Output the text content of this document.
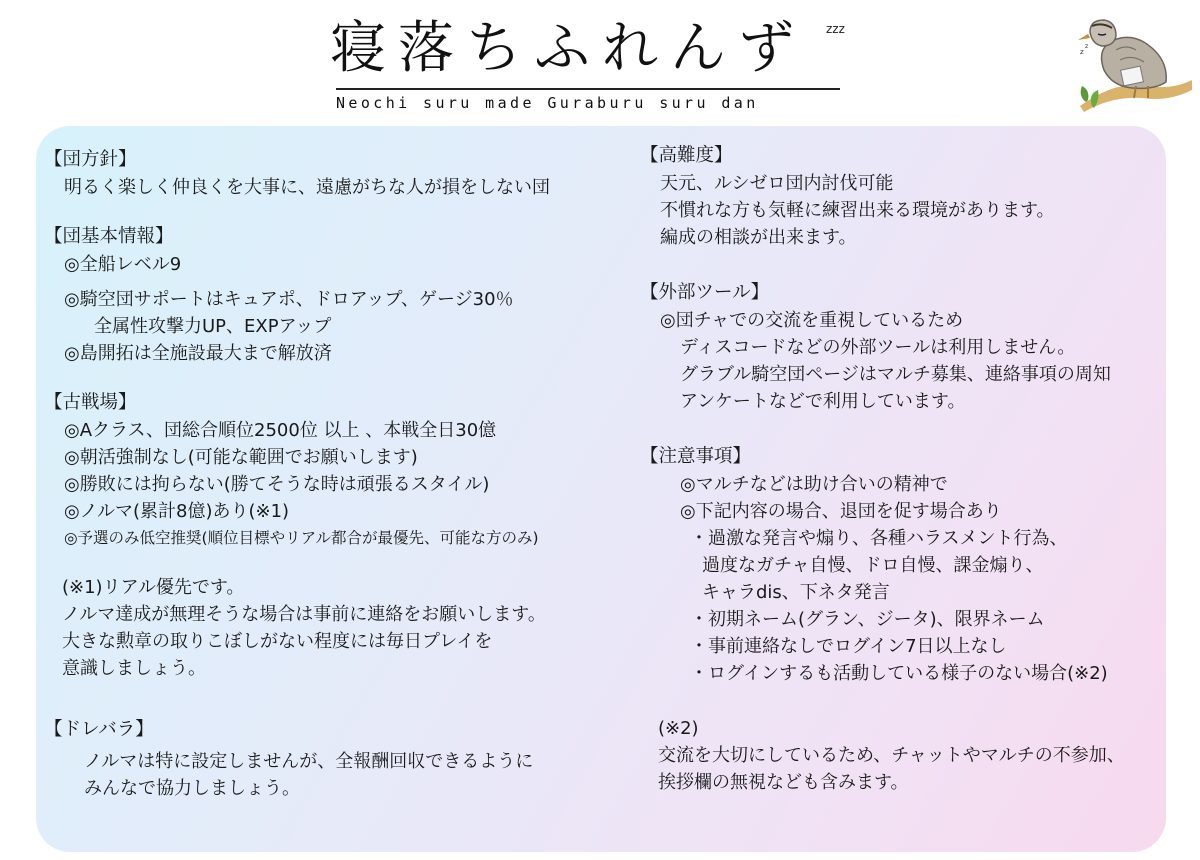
寝落ちふれんず	zzz
Neochi suru made Guraburu suru dan
z
z
【団方針】
明るく楽しく仲良くを大事に、遠慮がちな人が損をしない団
【団基本情報】
◎全船レベル9
◎騎空団サポートはキュアポ、ドロアップ、ゲージ30％
全属性攻撃力UP、EXPアップ
◎島開拓は全施設最大まで解放済
【古戦場】
◎Aクラス、団総合順位2500位 以上 、本戦全日30億
◎朝活強制なし(可能な範囲でお願いします)
◎勝敗には拘らない(勝てそうな時は頑張るスタイル)
◎ノルマ(累計8億)あり(※1)
◎予選のみ低空推奨(順位目標やリアル都合が最優先、可能な方のみ)
(※1)リアル優先です。
ノルマ達成が無理そうな場合は事前に連絡をお願いします。
大きな勲章の取りこぼしがない程度には毎日プレイを
意識しましょう。
【ドレバラ】
ノルマは特に設定しませんが、全報酬回収できるように
みんなで協力しましょう。
【高難度】
天元、ルシゼロ団内討伐可能
不慣れな方も気軽に練習出来る環境があります。
編成の相談が出来ます。
【外部ツール】
◎団チャでの交流を重視しているため
ディスコードなどの外部ツールは利用しません。
グラブル騎空団ページはマルチ募集、連絡事項の周知
アンケートなどで利用しています。
【注意事項】
◎マルチなどは助け合いの精神で
◎下記内容の場合、退団を促す場合あり
・過激な発言や煽り、各種ハラスメント行為、
過度なガチャ自慢、ドロ自慢、課金煽り、
キャラdis、下ネタ発言
・初期ネーム(グラン、ジータ)、限界ネーム
・事前連絡なしでログイン7日以上なし
・ログインするも活動している様子のない場合(※2)
(※2)
交流を大切にしているため、チャットやマルチの不参加、
挨拶欄の無視なども含みます。
